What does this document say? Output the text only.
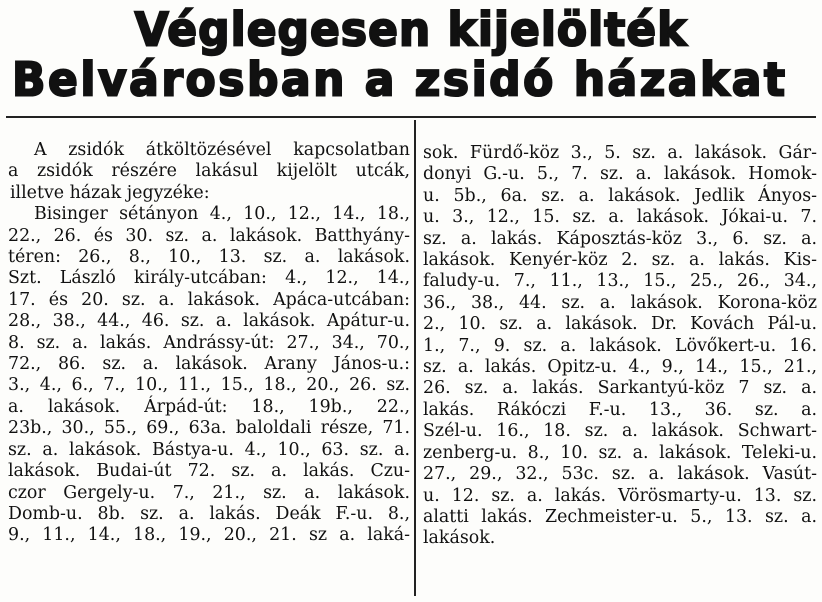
Véglegesen kijelölték
Belvárosban a zsidó házakat
A zsidók átköltözésével kapcsolatban
a zsidók részére lakásul kijelölt utcák,
illetve házak jegyzéke:
Bisinger sétányon 4., 10., 12., 14., 18.,
22., 26. és 30. sz. a. lakások. Batthyány-
téren: 26., 8., 10., 13. sz. a. lakások.
Szt. László király-utcában: 4., 12., 14.,
17. és 20. sz. a. lakások. Apáca-utcában:
28., 38., 44., 46. sz. a. lakások. Apátur-u.
8. sz. a. lakás. Andrássy-út: 27., 34., 70.,
72., 86. sz. a. lakások. Arany János-u.:
3., 4., 6., 7., 10., 11., 15., 18., 20., 26. sz.
a. lakások. Árpád-út: 18., 19b., 22.,
23b., 30., 55., 69., 63a. baloldali része, 71.
sz. a. lakások. Bástya-u. 4., 10., 63. sz. a.
lakások. Budai-út 72. sz. a. lakás. Czu-
czor Gergely-u. 7., 21., sz. a. lakások.
Domb-u. 8b. sz. a. lakás. Deák F.-u. 8.,
9., 11., 14., 18., 19., 20., 21. sz a. laká-
sok. Fürdő-köz 3., 5. sz. a. lakások. Gár-
donyi G.-u. 5., 7. sz. a. lakások. Homok-
u. 5b., 6a. sz. a. lakások. Jedlik Ányos-
u. 3., 12., 15. sz. a. lakások. Jókai-u. 7.
sz. a. lakás. Káposztás-köz 3., 6. sz. a.
lakások. Kenyér-köz 2. sz. a. lakás. Kis-
faludy-u. 7., 11., 13., 15., 25., 26., 34.,
36., 38., 44. sz. a. lakások. Korona-köz
2., 10. sz. a. lakások. Dr. Kovách Pál-u.
1., 7., 9. sz. a. lakások. Lövőkert-u. 16.
sz. a. lakás. Opitz-u. 4., 9., 14., 15., 21.,
26. sz. a. lakás. Sarkantyú-köz 7 sz. a.
lakás. Rákóczi F.-u. 13., 36. sz. a.
Szél-u. 16., 18. sz. a. lakások. Schwart-
zenberg-u. 8., 10. sz. a. lakások. Teleki-u.
27., 29., 32., 53c. sz. a. lakások. Vasút-
u. 12. sz. a. lakás. Vörösmarty-u. 13. sz.
alatti lakás. Zechmeister-u. 5., 13. sz. a.
lakások.
